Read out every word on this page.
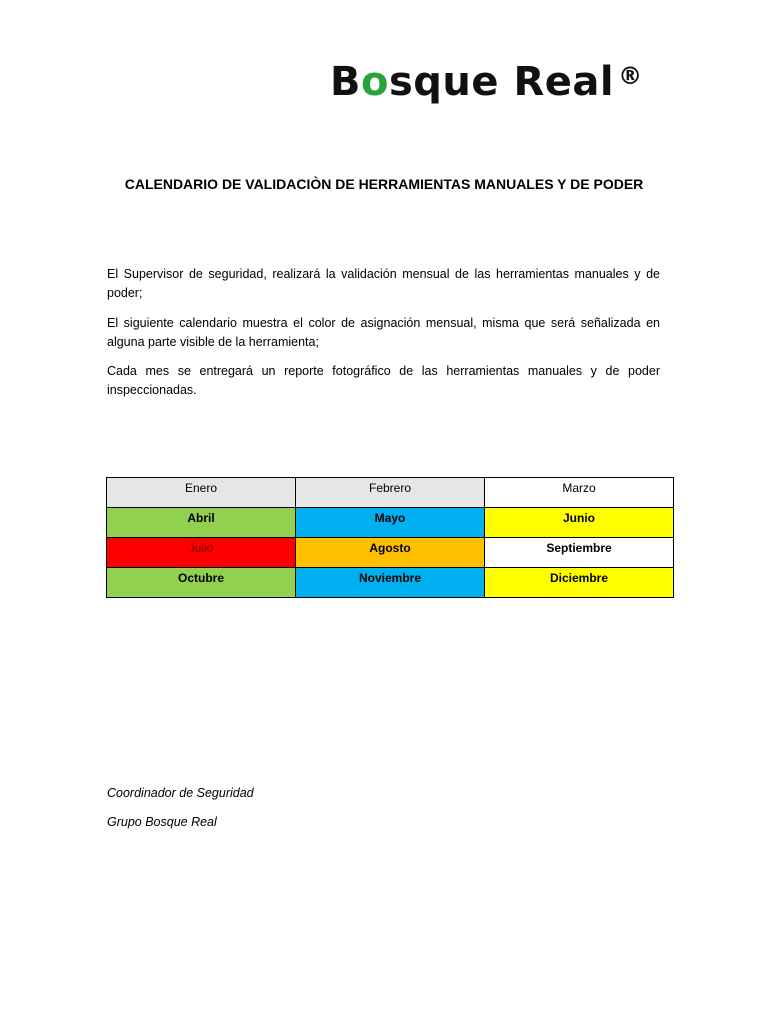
Bosque Real ®
CALENDARIO DE VALIDACIÒN DE HERRAMIENTAS MANUALES Y DE PODER
El Supervisor de seguridad, realizará la validación mensual de las herramientas manuales y de poder;
El siguiente calendario muestra el color de asignación mensual, misma que será señalizada en alguna parte visible de la herramienta;
Cada mes se entregará un reporte fotográfico de las herramientas manuales y de poder inspeccionadas.
Enero	Febrero	Marzo
Abril	Mayo	Junio
Julio	Agosto	Septiembre
Octubre	Noviembre	Diciembre
Coordinador de Seguridad
Grupo Bosque Real
